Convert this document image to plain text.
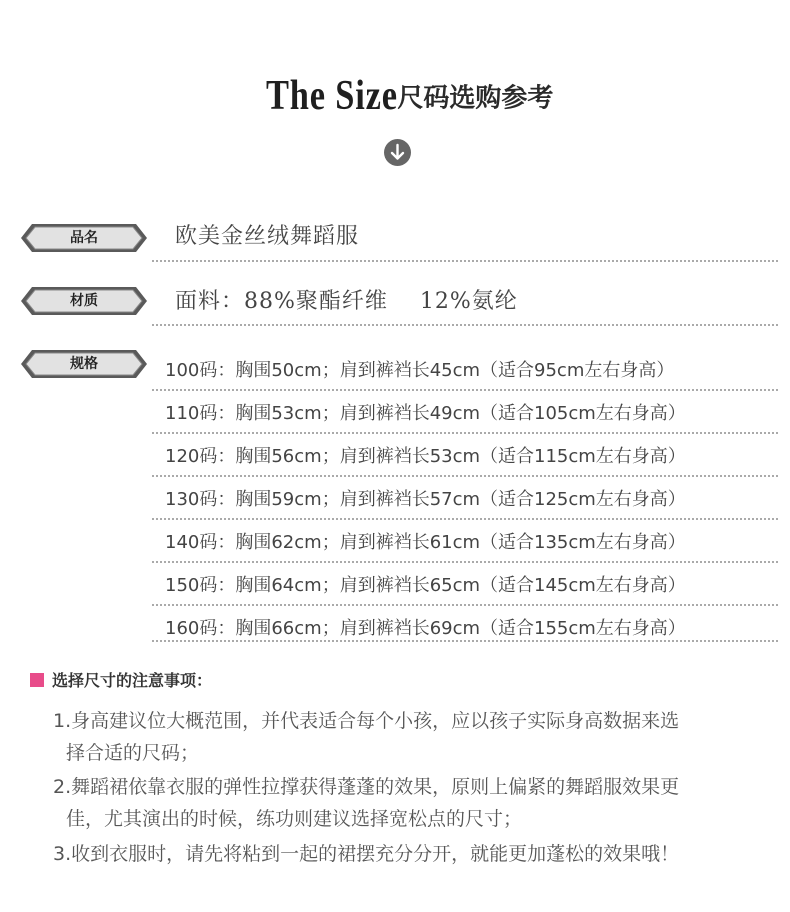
The Size尺码选购参考
品名	欧美金丝绒舞蹈服
材质	面料：88%聚酯纤维    12%氨纶
规格	100码：胸围50cm；肩到裤裆长45cm（适合95cm左右身高）
110码：胸围53cm；肩到裤裆长49cm（适合105cm左右身高）
120码：胸围56cm；肩到裤裆长53cm（适合115cm左右身高）
130码：胸围59cm；肩到裤裆长57cm（适合125cm左右身高）
140码：胸围62cm；肩到裤裆长61cm（适合135cm左右身高）
150码：胸围64cm；肩到裤裆长65cm（适合145cm左右身高）
160码：胸围66cm；肩到裤裆长69cm（适合155cm左右身高）
选择尺寸的注意事项：
1.身高建议位大概范围，并代表适合每个小孩，应以孩子实际身高数据来选
择合适的尺码；
2.舞蹈裙依靠衣服的弹性拉撑获得蓬蓬的效果，原则上偏紧的舞蹈服效果更
佳，尤其演出的时候，练功则建议选择宽松点的尺寸；
3.收到衣服时，请先将粘到一起的裙摆充分分开，就能更加蓬松的效果哦！
